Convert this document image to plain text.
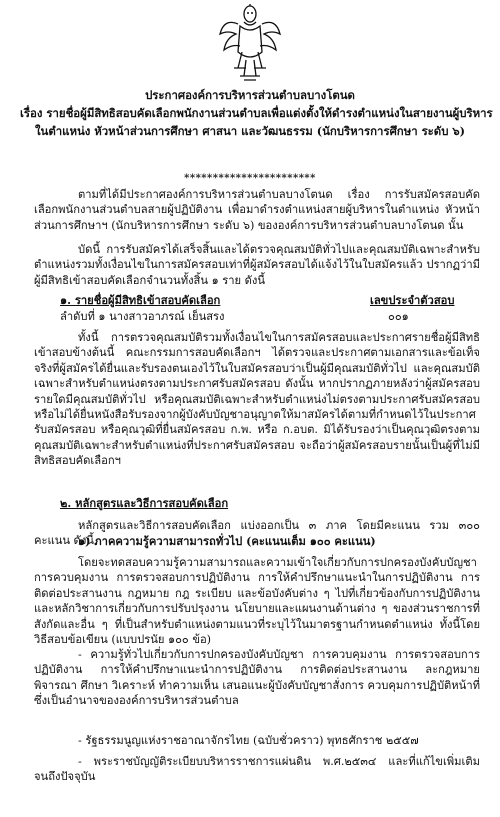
ประกาศองค์การบริหารส่วนตำบลบางโตนด
เรื่อง รายชื่อผู้มีสิทธิสอบคัดเลือกพนักงานส่วนตำบลเพื่อแต่งตั้งให้ดำรงตำแหน่งในสายงานผู้บริหาร
ในตำแหน่ง หัวหน้าส่วนการศึกษา ศาสนา และวัฒนธรรม (นักบริหารการศึกษา ระดับ ๖)
***********************

ตามที่ได้มีประกาศองค์การบริหารส่วนตำบลบางโตนด เรื่อง การรับสมัครสอบคัดเลือกพนักงานส่วนตำบลสายผู้ปฏิบัติงาน เพื่อมาดำรงตำแหน่งสายผู้บริหารในตำแหน่ง หัวหน้าส่วนการศึกษาฯ (นักบริหารการศึกษา ระดับ ๖) ขององค์การบริหารส่วนตำบลบางโตนด นั้น

บัดนี้ การรับสมัครได้เสร็จสิ้นและได้ตรวจคุณสมบัติทั่วไปและคุณสมบัติเฉพาะสำหรับตำแหน่งรวมทั้งเงื่อนไขในการสมัครสอบเท่าที่ผู้สมัครสอบได้แจ้งไว้ในใบสมัครแล้ว ปรากฏว่ามีผู้มีสิทธิเข้าสอบคัดเลือกจำนวนทั้งสิ้น ๑ ราย ดังนี้

๑. รายชื่อผู้มีสิทธิเข้าสอบคัดเลือก	เลขประจำตัวสอบ
ลำดับที่ ๑ นางสาวอาภรณ์ เย็นสรง	๐๐๑

ทั้งนี้ การตรวจคุณสมบัติรวมทั้งเงื่อนไขในการสมัครสอบและประกาศรายชื่อผู้มีสิทธิเข้าสอบข้างต้นนี้ คณะกรรมการสอบคัดเลือกฯ ได้ตรวจและประกาศตามเอกสารและข้อเท็จจริงที่ผู้สมัครได้ยื่นและรับรองตนเองไว้ในใบสมัครสอบว่าเป็นผู้มีคุณสมบัติทั่วไป และคุณสมบัติเฉพาะสำหรับตำแหน่งตรงตามประกาศรับสมัครสอบ ดังนั้น หากปรากฏภายหลังว่าผู้สมัครสอบรายใดมีคุณสมบัติทั่วไป หรือคุณสมบัติเฉพาะสำหรับตำแหน่งไม่ตรงตามประกาศรับสมัครสอบ หรือไม่ได้ยื่นหนังสือรับรองจากผู้บังคับบัญชาอนุญาตให้มาสมัครได้ตามที่กำหนดไว้ในประกาศรับสมัครสอบ หรือคุณวุฒิที่ยื่นสมัครสอบ ก.พ. หรือ ก.อบต. มิได้รับรองว่าเป็นคุณวุฒิตรงตามคุณสมบัติเฉพาะสำหรับตำแหน่งที่ประกาศรับสมัครสอบ จะถือว่าผู้สมัครสอบรายนั้นเป็นผู้ที่ไม่มีสิทธิสอบคัดเลือกฯ

๒. หลักสูตรและวิธีการสอบคัดเลือก

หลักสูตรและวิธีการสอบคัดเลือก แบ่งออกเป็น ๓ ภาค โดยมีคะแนน รวม ๓๐๐ คะแนน ดังนี้

๑) ภาคความรู้ความสามารถทั่วไป (คะแนนเต็ม ๑๐๐ คะแนน)

โดยจะทดสอบความรู้ความสามารถและความเข้าใจเกี่ยวกับการปกครองบังคับบัญชา การควบคุมงาน การตรวจสอบการปฏิบัติงาน การให้คำปรึกษาแนะนำในการปฏิบัติงาน การติดต่อประสานงาน กฎหมาย กฎ ระเบียบ และข้อบังคับต่าง ๆ ไปที่เกี่ยวข้องกับการปฏิบัติงาน และหลักวิชาการเกี่ยวกับการปรับปรุงงาน นโยบายและแผนงานด้านต่าง ๆ ของส่วนราชการที่สังกัดและอื่น ๆ ที่เป็นสำหรับตำแหน่งตามแนวที่ระบุไว้ในมาตรฐานกำหนดตำแหน่ง ทั้งนี้โดยวิธีสอบข้อเขียน (แบบปรนัย ๑๐๐ ข้อ)

- ความรู้ทั่วไปเกี่ยวกับการปกครองบังคับบัญชา การควบคุมงาน การตรวจสอบการปฏิบัติงาน การให้คำปรึกษาแนะนำการปฏิบัติงาน การติดต่อประสานงาน ละกฎหมาย พิจารณา ศึกษา วิเคราะห์ ทำความเห็น เสนอแนะผู้บังคับบัญชาสั่งการ ควบคุมการปฏิบัติหน้าที่ซึ่งเป็นอำนาจขององค์การบริหารส่วนตำบล

- รัฐธรรมนูญแห่งราชอาณาจักรไทย (ฉบับชั่วคราว) พุทธศักราช ๒๕๕๗

- พระราชบัญญัติระเบียบบริหารราชการแผ่นดิน พ.ศ.๒๕๓๔ และที่แก้ไขเพิ่มเติมจนถึงปัจจุบัน
